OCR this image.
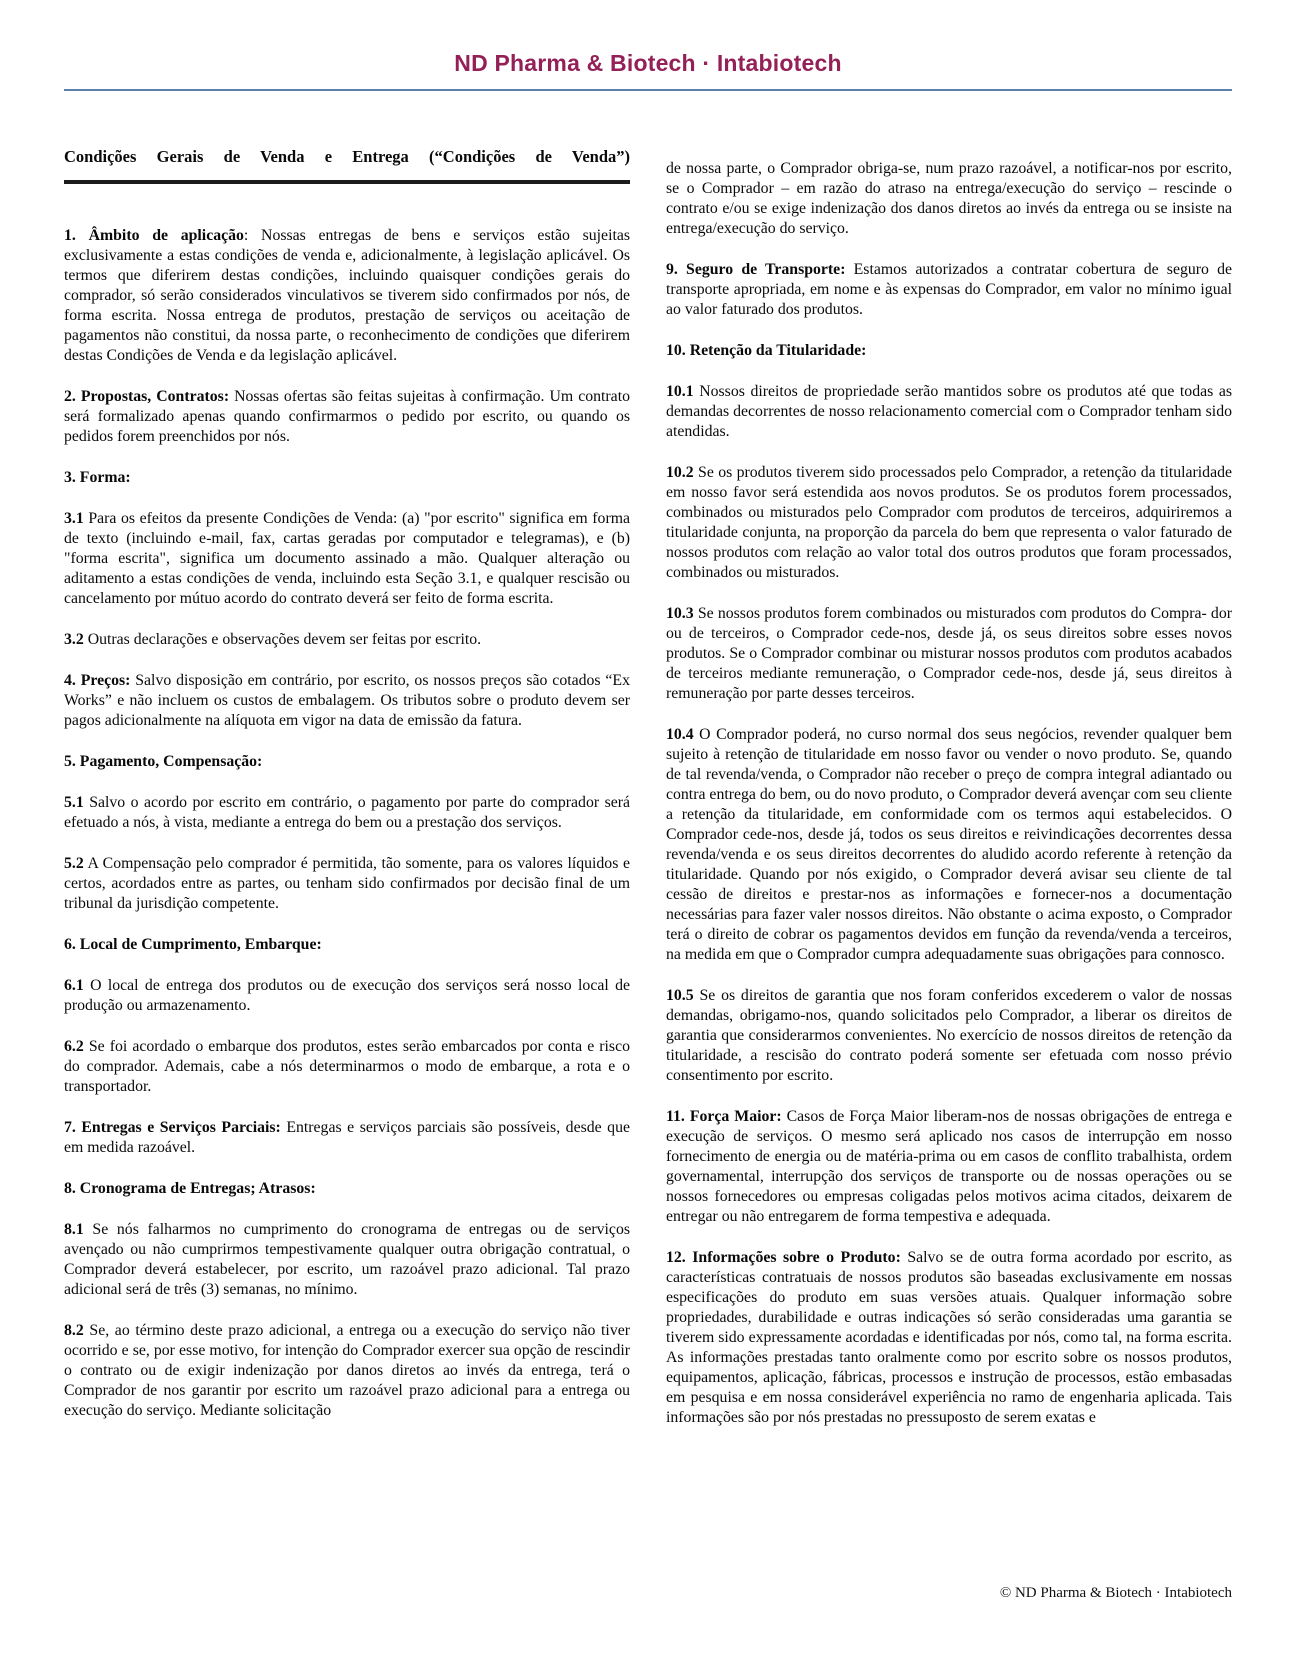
ND Pharma & Biotech · Intabiotech
Condições Gerais de Venda e Entrega (“Condições de Venda”)

1. Âmbito de aplicação: Nossas entregas de bens e serviços estão sujeitas exclusivamente a estas condições de venda e, adicionalmente, à legislação aplicável. Os termos que diferirem destas condições, incluindo quaisquer condições gerais do comprador, só serão considerados vinculativos se tiverem sido confirmados por nós, de forma escrita. Nossa entrega de produtos, prestação de serviços ou aceitação de pagamentos não constitui, da nossa parte, o reconhecimento de condições que diferirem destas Condições de Venda e da legislação aplicável.

2. Propostas, Contratos: Nossas ofertas são feitas sujeitas à confirmação. Um contrato será formalizado apenas quando confirmarmos o pedido por escrito, ou quando os pedidos forem preenchidos por nós.

3. Forma:

3.1 Para os efeitos da presente Condições de Venda: (a) "por escrito" significa em forma de texto (incluindo e-mail, fax, cartas geradas por computador e telegramas), e (b) "forma escrita", significa um documento assinado a mão. Qualquer alteração ou aditamento a estas condições de venda, incluindo esta Seção 3.1, e qualquer rescisão ou cancelamento por mútuo acordo do contrato deverá ser feito de forma escrita.

3.2 Outras declarações e observações devem ser feitas por escrito.

4. Preços: Salvo disposição em contrário, por escrito, os nossos preços são cotados “Ex Works” e não incluem os custos de embalagem. Os tributos sobre o produto devem ser pagos adicionalmente na alíquota em vigor na data de emissão da fatura.

5. Pagamento, Compensação:

5.1 Salvo o acordo por escrito em contrário, o pagamento por parte do comprador será efetuado a nós, à vista, mediante a entrega do bem ou a prestação dos serviços.

5.2 A Compensação pelo comprador é permitida, tão somente, para os valores líquidos e certos, acordados entre as partes, ou tenham sido confirmados por decisão final de um tribunal da jurisdição competente.

6. Local de Cumprimento, Embarque:

6.1 O local de entrega dos produtos ou de execução dos serviços será nosso local de produção ou armazenamento.

6.2 Se foi acordado o embarque dos produtos, estes serão embarcados por conta e risco do comprador. Ademais, cabe a nós determinarmos o modo de embarque, a rota e o transportador.

7. Entregas e Serviços Parciais: Entregas e serviços parciais são possíveis, desde que em medida razoável.

8. Cronograma de Entregas; Atrasos:

8.1 Se nós falharmos no cumprimento do cronograma de entregas ou de serviços avençado ou não cumprirmos tempestivamente qualquer outra obrigação contratual, o Comprador deverá estabelecer, por escrito, um razoável prazo adicional. Tal prazo adicional será de três (3) semanas, no mínimo.

8.2 Se, ao término deste prazo adicional, a entrega ou a execução do serviço não tiver ocorrido e se, por esse motivo, for intenção do Comprador exercer sua opção de rescindir o contrato ou de exigir indenização por danos diretos ao invés da entrega, terá o Comprador de nos garantir por escrito um razoável prazo adicional para a entrega ou execução do serviço. Mediante solicitação

de nossa parte, o Comprador obriga-se, num prazo razoável, a notificar-nos por escrito, se o Comprador – em razão do atraso na entrega/execução do serviço – rescinde o contrato e/ou se exige indenização dos danos diretos ao invés da entrega ou se insiste na entrega/execução do serviço.

9. Seguro de Transporte: Estamos autorizados a contratar cobertura de seguro de transporte apropriada, em nome e às expensas do Comprador, em valor no mínimo igual ao valor faturado dos produtos.

10. Retenção da Titularidade:

10.1 Nossos direitos de propriedade serão mantidos sobre os produtos até que todas as demandas decorrentes de nosso relacionamento comercial com o Comprador tenham sido atendidas.

10.2 Se os produtos tiverem sido processados pelo Comprador, a retenção da titularidade em nosso favor será estendida aos novos produtos. Se os produtos forem processados, combinados ou misturados pelo Comprador com produtos de terceiros, adquiriremos a titularidade conjunta, na proporção da parcela do bem que representa o valor faturado de nossos produtos com relação ao valor total dos outros produtos que foram processados, combinados ou misturados.

10.3 Se nossos produtos forem combinados ou misturados com produtos do Compra- dor ou de terceiros, o Comprador cede-nos, desde já, os seus direitos sobre esses novos produtos. Se o Comprador combinar ou misturar nossos produtos com produtos acabados de terceiros mediante remuneração, o Comprador cede-nos, desde já, seus direitos à remuneração por parte desses terceiros.

10.4 O Comprador poderá, no curso normal dos seus negócios, revender qualquer bem sujeito à retenção de titularidade em nosso favor ou vender o novo produto. Se, quando de tal revenda/venda, o Comprador não receber o preço de compra integral adiantado ou contra entrega do bem, ou do novo produto, o Comprador deverá avençar com seu cliente a retenção da titularidade, em conformidade com os termos aqui estabelecidos. O Comprador cede-nos, desde já, todos os seus direitos e reivindicações decorrentes dessa revenda/venda e os seus direitos decorrentes do aludido acordo referente à retenção da titularidade. Quando por nós exigido, o Comprador deverá avisar seu cliente de tal cessão de direitos e prestar-nos as informações e fornecer-nos a documentação necessárias para fazer valer nossos direitos. Não obstante o acima exposto, o Comprador terá o direito de cobrar os pagamentos devidos em função da revenda/venda a terceiros, na medida em que o Comprador cumpra adequadamente suas obrigações para connosco.

10.5 Se os direitos de garantia que nos foram conferidos excederem o valor de nossas demandas, obrigamo-nos, quando solicitados pelo Comprador, a liberar os direitos de garantia que considerarmos convenientes. No exercício de nossos direitos de retenção da titularidade, a rescisão do contrato poderá somente ser efetuada com nosso prévio consentimento por escrito.

11. Força Maior: Casos de Força Maior liberam-nos de nossas obrigações de entrega e execução de serviços. O mesmo será aplicado nos casos de interrupção em nosso fornecimento de energia ou de matéria-prima ou em casos de conflito trabalhista, ordem governamental, interrupção dos serviços de transporte ou de nossas operações ou se nossos fornecedores ou empresas coligadas pelos motivos acima citados, deixarem de entregar ou não entregarem de forma tempestiva e adequada.

12. Informações sobre o Produto: Salvo se de outra forma acordado por escrito, as características contratuais de nossos produtos são baseadas exclusivamente em nossas especificações do produto em suas versões atuais. Qualquer informação sobre propriedades, durabilidade e outras indicações só serão consideradas uma garantia se tiverem sido expressamente acordadas e identificadas por nós, como tal, na forma escrita. As informações prestadas tanto oralmente como por escrito sobre os nossos produtos, equipamentos, aplicação, fábricas, processos e instrução de processos, estão embasadas em pesquisa e em nossa considerável experiência no ramo de engenharia aplicada. Tais informações são por nós prestadas no pressuposto de serem exatas e

© ND Pharma & Biotech · Intabiotech
